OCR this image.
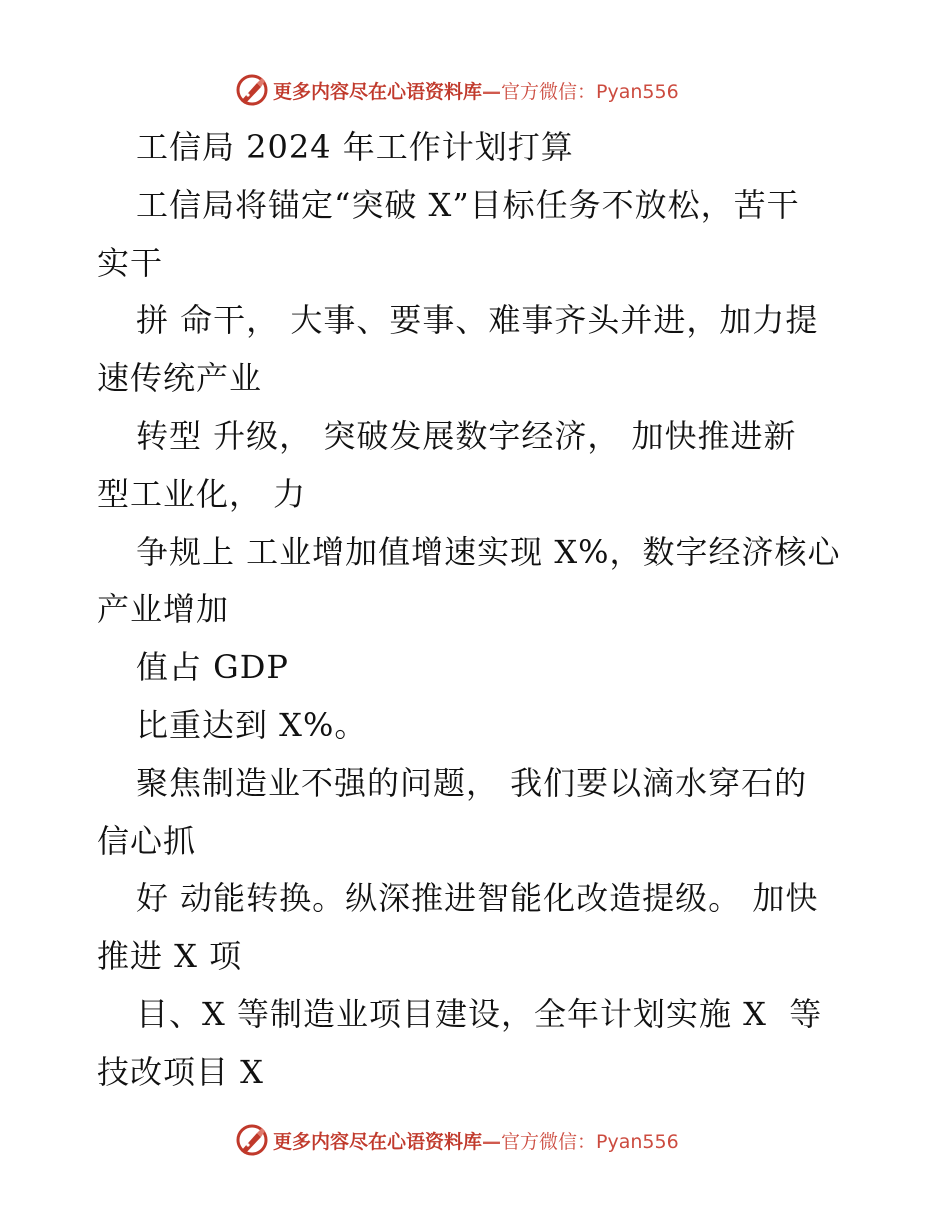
更多内容尽在心语资料库—官方微信：Pyan556
工信局 2024 年工作计划打算
工信局将锚定“突破 X”目标任务不放松，苦干
实干
拼 命干， 大事、要事、难事齐头并进，加力提
速传统产业
转型 升级， 突破发展数字经济， 加快推进新
型工业化， 力
争规上 工业增加值增速实现 X%，数字经济核心
产业增加
值占 GDP
比重达到 X%。
聚焦制造业不强的问题， 我们要以滴水穿石的
信心抓
好 动能转换。纵深推进智能化改造提级。 加快
推进 X 项
目、X 等制造业项目建设，全年计划实施 X  等
技改项目 X
更多内容尽在心语资料库—官方微信：Pyan556
